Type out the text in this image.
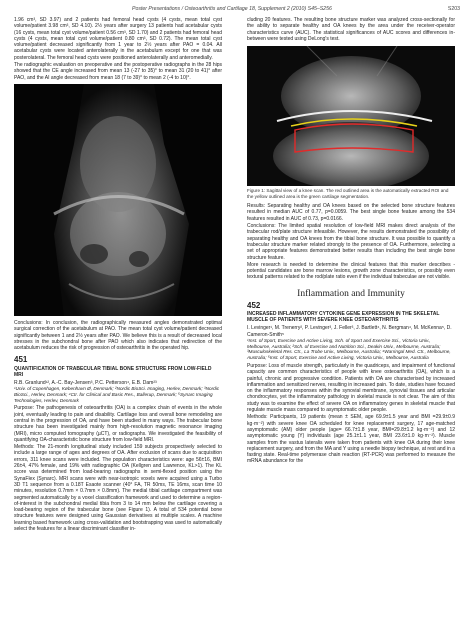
Poster Presentations / Osteoarthritis and Cartilage 18, Supplement 2 (2010) S45–S256	S203

1.96 cm³, SD 3.97) and 2 patients had femoral head cysts (4 cysts, mean total cyst volume/patient 3.98 cm³, SD 4.10). 2½ years after surgery 13 patients had acetabular cysts (16 cysts, mean total cyst volume/patient 0.56 cm³, SD 1.70) and 2 patients had femoral head cysts (4 cysts, mean total cyst volume/patient 0.80 cm³, SD 0.72). The mean total cyst volume/patient decreased significantly from 1 year to 2½ years after PAO = 0.04. All acetabular cysts were located anterolaterally in the acetabulum except for one that was posterolateral. The femoral head cysts were positioned anterolaterally and anteromedially.

The radiographic evaluation on preoperative and the postoperative radiographs in the 28 hips showed that the CE angle increased from mean 13 (-27 to 35)° to mean 31 (20 to 41)° after PAO, and the AI angle decreased from mean 18 (7 to 39)° to mean 2 (-4 to 10)°.

Conclusions: In conclusion, the radiographically measured angles demonstrated optimal surgical correction of the acetabulum at PAO. The mean total cyst volume/patient decreased significantly between 1 and 2½ years after PAO. We believe this is a result of decreased local stresses in the subchondral bone after PAO which also indicates that redirection of the acetabulum reduces the risk of progression of osteoarthritis in the operated hip.

451
QUANTIFICATION OF TRABECULAR TIBIAL BONE STRUCTURE FROM LOW-FIELD MRI
R.B. Granlund¹², A.-C. Bay-Jensen³, P.C. Petterson⁴, E.B. Dam²³
¹Univ. of Copenhagen, København Ø, Denmark; ²Nordic BioSci. Imaging, Herlev, Denmark; ³Nordic BioSci., Herlev, Denmark; ⁴Ctr. for Clinical and Basic Res., Ballerup, Denmark; ⁵Synarc Imaging Technologies, Herlev, Denmark

Purpose: The pathogenesis of osteoarthritis (OA) is a complex chain of events in the whole joint, eventually leading to pain and disability. Cartilage loss and overall bone remodeling are central in the progression of OA, and have been studied in many ways. The trabecular bone structure has been investigated mainly from high-resolution magnetic resonance imaging (MRI), micro computed tomography (µCT), or radiographs. We investigated the feasibility of quantifying OA-characteristic bone structure from low-field MRI.

Methods: The 21-month longitudinal study included 159 subjects prospectively selected to include a large range of ages and degrees of OA. After exclusion of scans due to acquisition errors, 311 knee scans were included. The population characteristics were: age 56±16, BMI 26±4, 47% female, and 19% with radiographic OA (Kellgren and Lawrence, KL>1). The KL score was determined from load-bearing radiographs in semi-flexed position using the SynaFlex (Synarc). MRI scans were with near-isotropic voxels were acquired using a Turbo 3D T1 sequence from a 0.18T Esaote scanner (40° FA, TR 50ms, TE 16ms, scan time 10 minutes, resolution 0.7mm × 0.7mm × 0.8mm). The medial tibial cartilage compartment was segmented automatically by a voxel classification framework and used to determine a region-of-interest in the subchondral medial tibia from 3 to 14 mm below the cartilage covering a load-bearing region of the trabecular bone (see Figure 1). A total of 534 potential bone structure features were designed using Gaussian derivatives at multiple scales. A machine learning based framework using cross-validation and bootstrapping was used to automatically select the features for a linear discriminant classifier in-

cluding 20 features. The resulting bone structure marker was analyzed cross-sectionally for the ability to separate healthy and OA knees by the area under the receiver-operator characteristics curve (AUC). The statistical significances of AUC scores and differences in-between were tested using DeLong's test.

Figure 1: Sagittal view of a knee scan. The red outlined area is the automatically extracted ROI and the yellow outlined area is the green cartilage segmentation.

Results: Separating healthy and OA knees based on the selected bone structure features resulted in median AUC of 0.77, p=0.0059. The best single bone feature among the 534 features resulted in AUC of 0.73, p=0.0166.

Conclusions: The limited spatial resolution of low-field MRI makes direct analysis of the trabecular rod/plate structure infeasible. However, the results demonstrated the possibility of separating healthy and OA knees from the tibial bone structure. It was possible to quantify a trabecular structure marker related strongly to the presence of OA. Furthermore, selecting a set of appropriate features demonstrated better results than including the best single bone structure feature.

More research is needed to determine the clinical features that this marker describes - potential candidates are bone marrow lesions, growth zone characteristics, or possibly even textural patterns related to the rod/plate ratio even if the individual trabeculae are not visible.

Inflammation and Immunity
452
INCREASED INFLAMMATORY CYTOKINE GENE EXPRESSION IN THE SKELETAL MUSCLE OF PATIENTS WITH SEVERE KNEE OSTEOARTHRITIS
I. Levinger¹, M. Trenerry², P. Levinger³, J. Feller³, J. Bartlett⁴, N. Bergman⁴, M. McKenna⁵, D. Cameron-Smith⁵
¹Inst. of Sport, Exercise and Active Living, Sch. of Sport and Exercise Sci., Victoria Univ., Melbourne, Australia; ²Sch. of Exercise and Nutrition Sci., Deakin Univ., Melbourne, Australia; ³Musculoskeletal Res. Ctr., La Trobe Univ., Melbourne, Australia; ⁴Warringal Med. Ctr., Melbourne, Australia; ⁵Inst. of Sport, Exercise and Active Living, Victoria Univ., Melbourne, Australia

Purpose: Loss of muscle strength, particularly in the quadriceps, and impairment of functional capacity are common characteristics of people with knee osteoarthritis (OA), which is a painful, chronic and progressive condition. Patients with OA are characterised by increased inflammation and sensitized nerves, resulting in increased pain. To date, studies have focused on the inflammatory responses within the synovial membrane, synovial tissues and articular chondrocytes, yet the inflammatory pathology in skeletal muscle is not clear. The aim of this study was to examine the effect of severe OA on inflammatory genes in skeletal muscle that regulate muscle mass compared to asymptomatic older people.

Methods: Participants, 19 patients (mean ± SEM, age 69.9±1.5 year and BMI =29.9±0.9 kg·m⁻²) with severe knee OA scheduled for knee replacement surgery, 17 age-matched asymptomatic (AM) older people (age= 66.7±1.8 year, BMI=29.8±1.2 kg·m⁻²) and 12 asymptomatic young (Y) individuals (age 25.1±1.1 year, BMI 23.6±1.0 kg·m⁻²). Muscle samples from the vastus lateralis were taken from patients with knee OA during their knee replacement surgery, and from the MA and Y using a needle biopsy technique, at rest and in a fasting state. Real-time polymerase chain reaction (RT-PCR) was performed to measure the mRNA abundance for the
